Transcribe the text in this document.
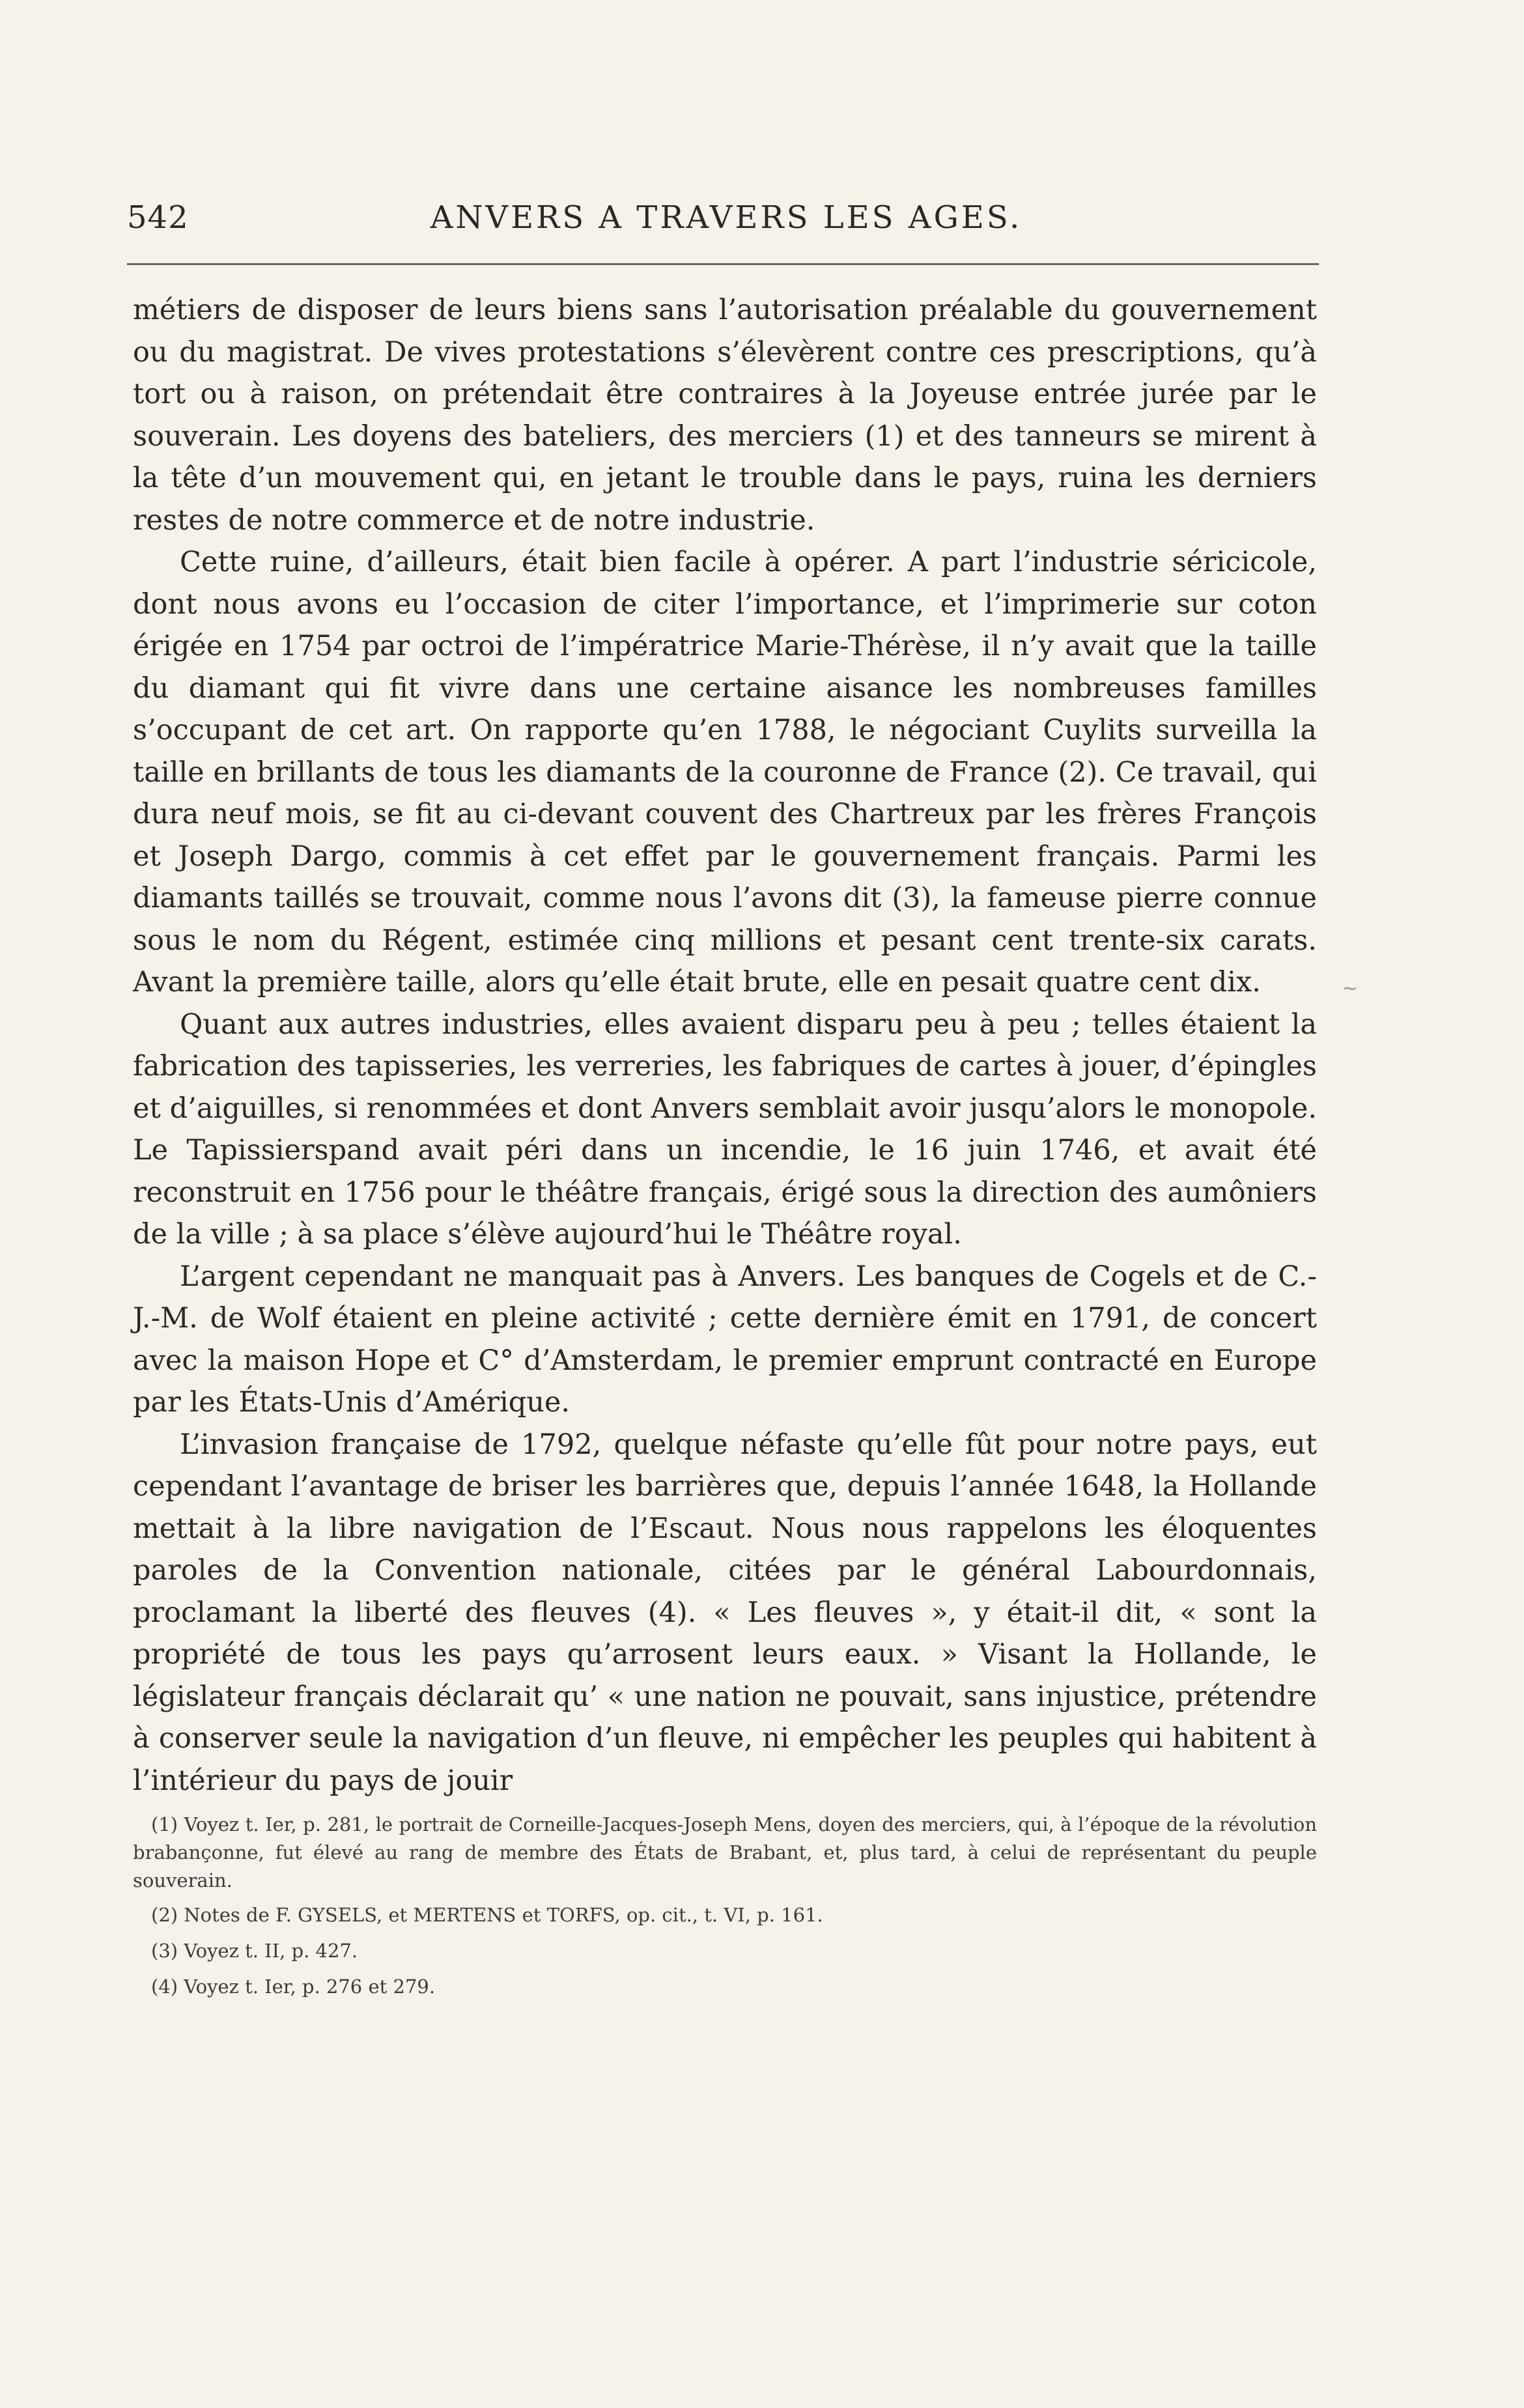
542	ANVERS A TRAVERS LES AGES.

métiers de disposer de leurs biens sans l’autorisation préalable du gouvernement ou du magistrat. De vives protestations s’élevèrent contre ces prescriptions, qu’à tort ou à raison, on prétendait être contraires à la Joyeuse entrée jurée par le souverain. Les doyens des bateliers, des merciers (1) et des tanneurs se mirent à la tête d’un mouvement qui, en jetant le trouble dans le pays, ruina les derniers restes de notre commerce et de notre industrie.

Cette ruine, d’ailleurs, était bien facile à opérer. A part l’industrie séricicole, dont nous avons eu l’occasion de citer l’importance, et l’imprimerie sur coton érigée en 1754 par octroi de l’impératrice Marie-Thérèse, il n’y avait que la taille du diamant qui fit vivre dans une certaine aisance les nombreuses familles s’occupant de cet art. On rapporte qu’en 1788, le négociant Cuylits surveilla la taille en brillants de tous les diamants de la couronne de France (2). Ce travail, qui dura neuf mois, se fit au ci-devant couvent des Chartreux par les frères François et Joseph Dargo, commis à cet effet par le gouvernement français. Parmi les diamants taillés se trouvait, comme nous l’avons dit (3), la fameuse pierre connue sous le nom du Régent, estimée cinq millions et pesant cent trente-six carats. Avant la première taille, alors qu’elle était brute, elle en pesait quatre cent dix.

Quant aux autres industries, elles avaient disparu peu à peu ; telles étaient la fabrication des tapisseries, les verreries, les fabriques de cartes à jouer, d’épingles et d’aiguilles, si renommées et dont Anvers semblait avoir jusqu’alors le monopole. Le Tapissierspand avait péri dans un incendie, le 16 juin 1746, et avait été reconstruit en 1756 pour le théâtre français, érigé sous la direction des aumôniers de la ville ; à sa place s’élève aujourd’hui le Théâtre royal.

L’argent cependant ne manquait pas à Anvers. Les banques de Cogels et de C.-J.-M. de Wolf étaient en pleine activité ; cette dernière émit en 1791, de concert avec la maison Hope et C° d’Amsterdam, le premier emprunt contracté en Europe par les États-Unis d’Amérique.

L’invasion française de 1792, quelque néfaste qu’elle fût pour notre pays, eut cependant l’avantage de briser les barrières que, depuis l’année 1648, la Hollande mettait à la libre navigation de l’Escaut. Nous nous rappelons les éloquentes paroles de la Convention nationale, citées par le général Labourdonnais, proclamant la liberté des fleuves (4). « Les fleuves », y était-il dit, « sont la propriété de tous les pays qu’arrosent leurs eaux. » Visant la Hollande, le législateur français déclarait qu’ « une nation ne pouvait, sans injustice, prétendre à conserver seule la navigation d’un fleuve, ni empêcher les peuples qui habitent à l’intérieur du pays de jouir

~

(1) Voyez t. Ier, p. 281, le portrait de Corneille-Jacques-Joseph Mens, doyen des merciers, qui, à l’époque de la révolution brabançonne, fut élevé au rang de membre des États de Brabant, et, plus tard, à celui de représentant du peuple souverain.

(2) Notes de F. GYSELS, et MERTENS et TORFS, op. cit., t. VI, p. 161.

(3) Voyez t. II, p. 427.

(4) Voyez t. Ier, p. 276 et 279.
